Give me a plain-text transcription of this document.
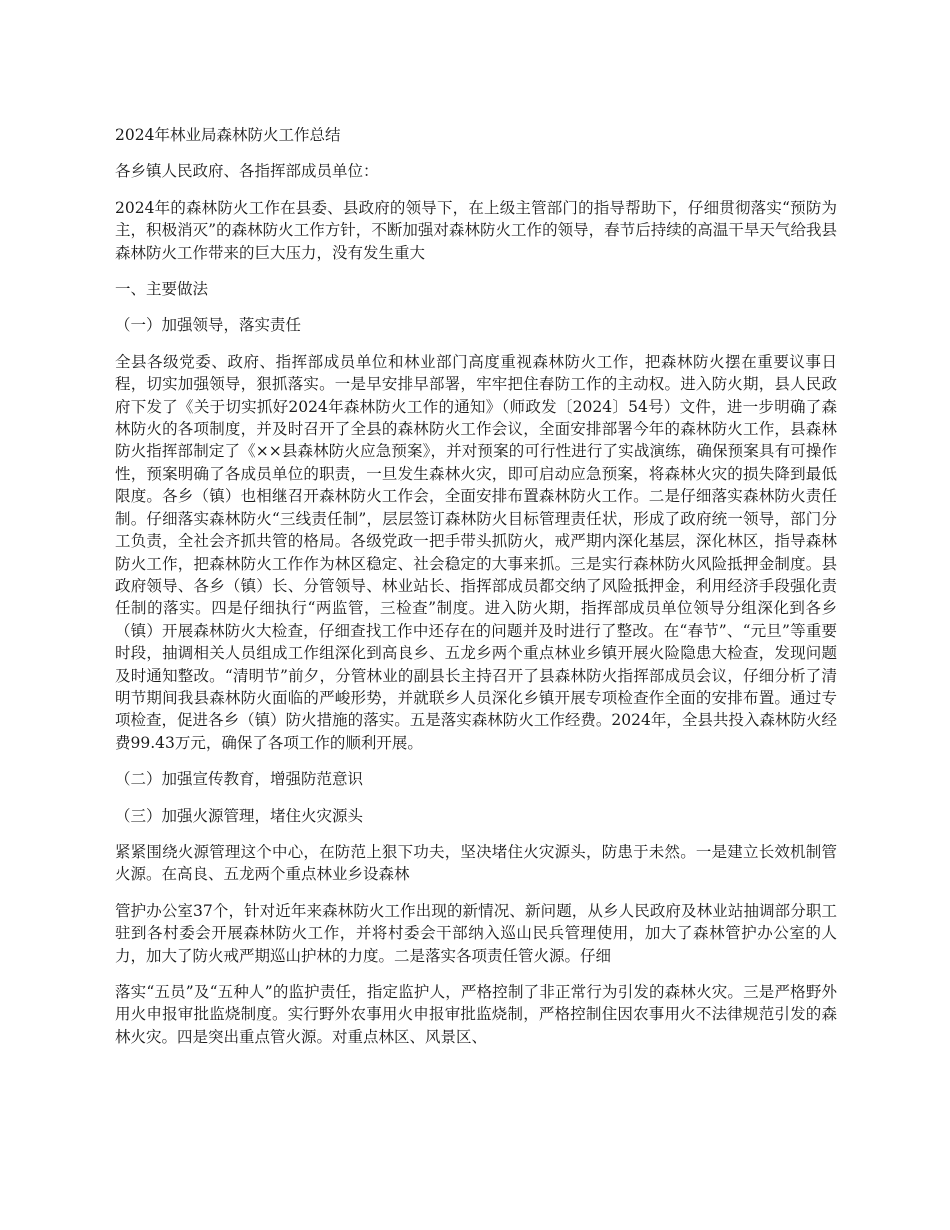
2024年林业局森林防火工作总结

各乡镇人民政府、各指挥部成员单位：

2024年的森林防火工作在县委、县政府的领导下，在上级主管部门的指导帮助下，仔细贯彻落实“预防为主，积极消灭”的森林防火工作方针，不断加强对森林防火工作的领导，春节后持续的高温干旱天气给我县森林防火工作带来的巨大压力，没有发生重大

一、主要做法

（一）加强领导，落实责任

全县各级党委、政府、指挥部成员单位和林业部门高度重视森林防火工作，把森林防火摆在重要议事日程，切实加强领导，狠抓落实。一是早安排早部署，牢牢把住春防工作的主动权。进入防火期，县人民政府下发了《关于切实抓好2024年森林防火工作的通知》（师政发〔2024〕54号）文件，进一步明确了森林防火的各项制度，并及时召开了全县的森林防火工作会议，全面安排部署今年的森林防火工作，县森林防火指挥部制定了《××县森林防火应急预案》，并对预案的可行性进行了实战演练，确保预案具有可操作性，预案明确了各成员单位的职责，一旦发生森林火灾，即可启动应急预案，将森林火灾的损失降到最低限度。各乡（镇）也相继召开森林防火工作会，全面安排布置森林防火工作。二是仔细落实森林防火责任制。仔细落实森林防火“三线责任制”，层层签订森林防火目标管理责任状，形成了政府统一领导，部门分工负责，全社会齐抓共管的格局。各级党政一把手带头抓防火，戒严期内深化基层，深化林区，指导森林防火工作，把森林防火工作作为林区稳定、社会稳定的大事来抓。三是实行森林防火风险抵押金制度。县政府领导、各乡（镇）长、分管领导、林业站长、指挥部成员都交纳了风险抵押金，利用经济手段强化责任制的落实。四是仔细执行“两监管，三检查”制度。进入防火期，指挥部成员单位领导分组深化到各乡（镇）开展森林防火大检查，仔细查找工作中还存在的问题并及时进行了整改。在“春节”、“元旦”等重要时段，抽调相关人员组成工作组深化到高良乡、五龙乡两个重点林业乡镇开展火险隐患大检查，发现问题及时通知整改。“清明节”前夕，分管林业的副县长主持召开了县森林防火指挥部成员会议，仔细分析了清明节期间我县森林防火面临的严峻形势，并就联乡人员深化乡镇开展专项检查作全面的安排布置。通过专项检查，促进各乡（镇）防火措施的落实。五是落实森林防火工作经费。2024年，全县共投入森林防火经费99.43万元，确保了各项工作的顺利开展。

（二）加强宣传教育，增强防范意识

（三）加强火源管理，堵住火灾源头

紧紧围绕火源管理这个中心，在防范上狠下功夫，坚决堵住火灾源头，防患于未然。一是建立长效机制管火源。在高良、五龙两个重点林业乡设森林

管护办公室37个，针对近年来森林防火工作出现的新情况、新问题，从乡人民政府及林业站抽调部分职工驻到各村委会开展森林防火工作，并将村委会干部纳入巡山民兵管理使用，加大了森林管护办公室的人力，加大了防火戒严期巡山护林的力度。二是落实各项责任管火源。仔细

落实“五员”及“五种人”的监护责任，指定监护人，严格控制了非正常行为引发的森林火灾。三是严格野外用火申报审批监烧制度。实行野外农事用火申报审批监烧制，严格控制住因农事用火不法律规范引发的森林火灾。四是突出重点管火源。对重点林区、风景区、
